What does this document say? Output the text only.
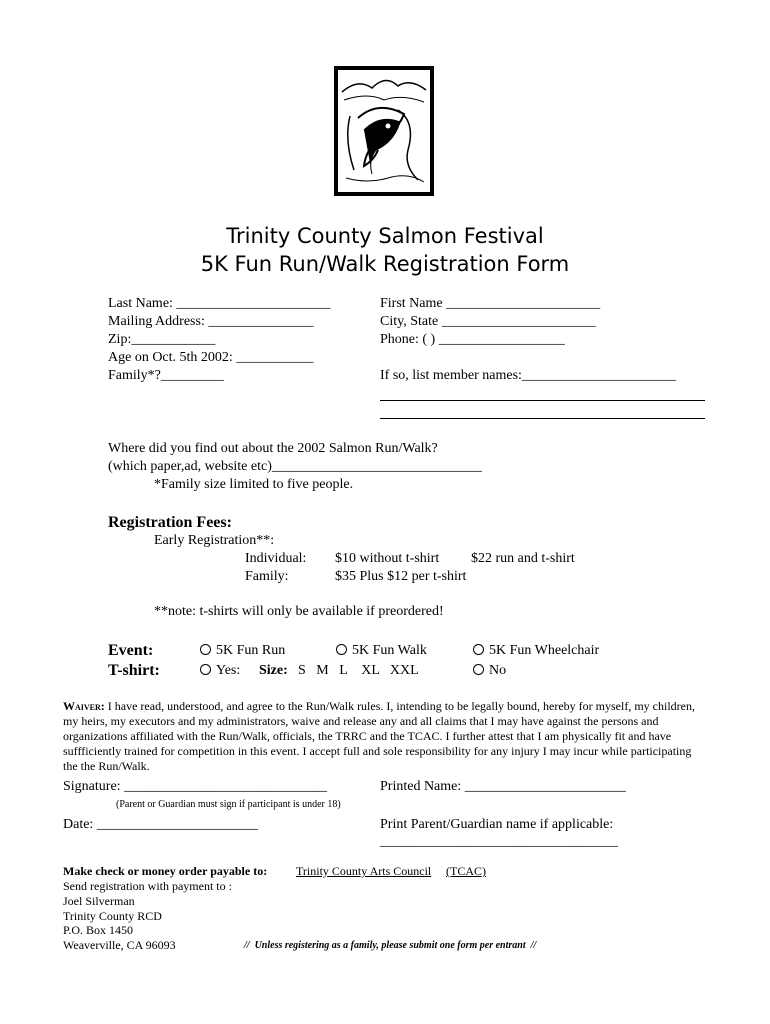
Trinity County Salmon Festival
5K Fun Run/Walk Registration Form
Last Name: ______________________	First Name ______________________
Mailing Address: _______________	City, State ______________________
Zip:____________	Phone: ( ) __________________
Age on Oct. 5th 2002: ___________
Family*?_________	If so, list member names:______________________
Where did you find out about the 2002 Salmon Run/Walk?
(which paper,ad, website etc)______________________________
*Family size limited to five people.
Registration Fees:
Early Registration**:
Individual: $10 without t-shirt $22 run and t-shirt
Family:	$35 Plus $12 per t-shirt
**note: t-shirts will only be available if preordered!
Event:	5K Fun Run	5K Fun Walk	5K Fun Wheelchair
T-shirt:	Yes: Size: S   M   L    XL   XXL	No
Waiver: I have read, understood, and agree to the Run/Walk rules. I, intending to be legally bound, hereby for myself, my children, my heirs, my executors and my administrators, waive and release any and all claims that I may have against the persons and organizations affiliated with the Run/Walk, officials, the TRRC and the TCAC. I further attest that I am physically fit and have suffficiently trained for competition in this event. I accept full and sole responsibility for any injury I may incur while participating the the Run/Walk.
Signature: _____________________________	Printed Name: _______________________
(Parent or Guardian must sign if participant is under 18)
Date: _______________________	Print Parent/Guardian name if applicable:
__________________________________
Make check or money order payable to: Trinity County Arts Council (TCAC)
Send registration with payment to :
Joel Silverman
Trinity County RCD
P.O. Box 1450
Weaverville, CA 96093	// Unless registering as a family, please submit one form per entrant //
